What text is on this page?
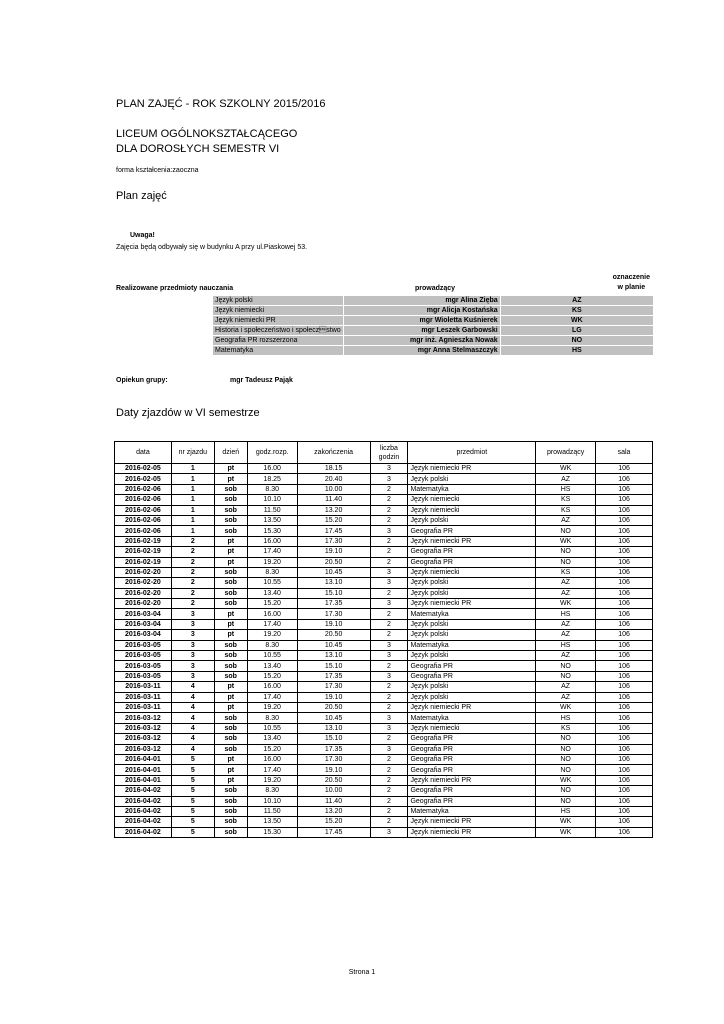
PLAN ZAJĘĆ - ROK SZKOLNY 2015/2016
LICEUM OGÓLNOKSZTAŁCĄCEGO
DLA DOROSŁYCH SEMESTR VI
forma kształcenia:zaoczna
Plan zajęć
Uwaga!
Zajęcia będą odbywały się w budynku A przy ul.Piaskowej 53.
Realizowane przedmioty nauczania	prowadzący
oznaczenie
w planie
Język polski	mgr Alina Zięba	AZ
Język niemiecki	mgr Alicja Kostańska	KS
Język niemiecki PR	mgr Wioletta Kuśnierek	WK
Historia i społeczeństwo i społeczstwo	mgr Leszek Garbowski	LG
Geografia PR rozszerzona	mgr inż. Agnieszka Nowak	NO
Matematyka	mgr Anna Stelmaszczyk	HS
Opiekun grupy:	mgr Tadeusz Pająk
Daty zjazdów w VI semestrze
data	nr zjazdu	dzień	godz.rozp.	zakończenia	liczba godzin	przedmiot	prowadzący	sala
2016-02-05	1	pt	16.00	18.15	3	Język niemiecki PR	WK	106
2016-02-05	1	pt	18.25	20.40	3	Język polski	AZ	106
2016-02-06	1	sob	8.30	10.00	2	Matematyka	HS	106
2016-02-06	1	sob	10.10	11.40	2	Język niemiecki	KS	106
2016-02-06	1	sob	11.50	13.20	2	Język niemiecki	KS	106
2016-02-06	1	sob	13.50	15.20	2	Język polski	AZ	106
2016-02-06	1	sob	15.30	17.45	3	Geografia PR	NO	106
2016-02-19	2	pt	16.00	17.30	2	Język niemiecki PR	WK	106
2016-02-19	2	pt	17.40	19.10	2	Geografia PR	NO	106
2016-02-19	2	pt	19.20	20.50	2	Geografia PR	NO	106
2016-02-20	2	sob	8.30	10.45	3	Język niemiecki	KS	106
2016-02-20	2	sob	10.55	13.10	3	Język polski	AZ	106
2016-02-20	2	sob	13.40	15.10	2	Język polski	AZ	106
2016-02-20	2	sob	15.20	17.35	3	Język niemiecki PR	WK	106
2016-03-04	3	pt	16.00	17.30	2	Matematyka	HS	106
2016-03-04	3	pt	17.40	19.10	2	Język polski	AZ	106
2016-03-04	3	pt	19.20	20.50	2	Język polski	AZ	106
2016-03-05	3	sob	8.30	10.45	3	Matematyka	HS	106
2016-03-05	3	sob	10.55	13.10	3	Język polski	AZ	106
2016-03-05	3	sob	13.40	15.10	2	Geografia PR	NO	106
2016-03-05	3	sob	15.20	17.35	3	Geografia PR	NO	106
2016-03-11	4	pt	16.00	17.30	2	Język polski	AZ	106
2016-03-11	4	pt	17.40	19.10	2	Język polski	AZ	106
2016-03-11	4	pt	19.20	20.50	2	Język niemiecki PR	WK	106
2016-03-12	4	sob	8.30	10.45	3	Matematyka	HS	106
2016-03-12	4	sob	10.55	13.10	3	Język niemiecki	KS	106
2016-03-12	4	sob	13.40	15.10	2	Geografia PR	NO	106
2016-03-12	4	sob	15.20	17.35	3	Geografia PR	NO	106
2016-04-01	5	pt	16.00	17.30	2	Geografia PR	NO	106
2016-04-01	5	pt	17.40	19.10	2	Geografia PR	NO	106
2016-04-01	5	pt	19.20	20.50	2	Język niemiecki PR	WK	106
2016-04-02	5	sob	8.30	10.00	2	Geografia PR	NO	106
2016-04-02	5	sob	10.10	11.40	2	Geografia PR	NO	106
2016-04-02	5	sob	11.50	13.20	2	Matematyka	HS	106
2016-04-02	5	sob	13.50	15.20	2	Język niemiecki PR	WK	106
2016-04-02	5	sob	15.30	17.45	3	Język niemiecki PR	WK	106
Strona 1
